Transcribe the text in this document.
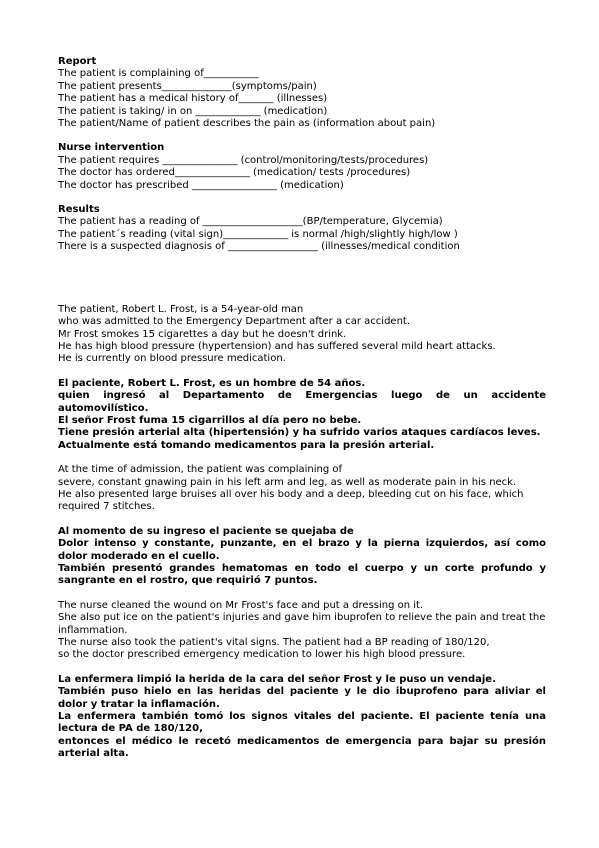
Report
The patient is complaining of___________
The patient presents______________(symptoms/pain)
The patient has a medical history of_______ (illnesses)
The patient is taking/ in on _____________ (medication)
The patient/Name of patient describes the pain as (information about pain)
Nurse intervention
The patient requires _______________ (control/monitoring/tests/procedures)
The doctor has ordered_______________ (medication/ tests /procedures)
The doctor has prescribed _________________ (medication)
Results
The patient has a reading of ____________________(BP/temperature, Glycemia)
The patient´s reading (vital sign)_____________ is normal /high/slightly high/low )
There is a suspected diagnosis of __________________ (illnesses/medical condition
The patient, Robert L. Frost, is a 54-year-old man
who was admitted to the Emergency Department after a car accident.
Mr Frost smokes 15 cigarettes a day but he doesn't drink.
He has high blood pressure (hypertension) and has suffered several mild heart attacks.
He is currently on blood pressure medication.
El paciente, Robert L. Frost, es un hombre de 54 años.
quien ingresó al Departamento de Emergencias luego de un accidente automovilístico.
El señor Frost fuma 15 cigarrillos al día pero no bebe.
Tiene presión arterial alta (hipertensión) y ha sufrido varios ataques cardíacos leves.
Actualmente está tomando medicamentos para la presión arterial.
At the time of admission, the patient was complaining of
severe, constant gnawing pain in his left arm and leg, as well as moderate pain in his neck.
He also presented large bruises all over his body and a deep, bleeding cut on his face, which required 7 stitches.
Al momento de su ingreso el paciente se quejaba de
Dolor intenso y constante, punzante, en el brazo y la pierna izquierdos, así como dolor moderado en el cuello.
También presentó grandes hematomas en todo el cuerpo y un corte profundo y sangrante en el rostro, que requirió 7 puntos.
The nurse cleaned the wound on Mr Frost's face and put a dressing on it.
She also put ice on the patient's injuries and gave him ibuprofen to relieve the pain and treat the inflammation.
The nurse also took the patient's vital signs. The patient had a BP reading of 180/120,
so the doctor prescribed emergency medication to lower his high blood pressure.
La enfermera limpió la herida de la cara del señor Frost y le puso un vendaje.
También puso hielo en las heridas del paciente y le dio ibuprofeno para aliviar el dolor y tratar la inflamación.
La enfermera también tomó los signos vitales del paciente. El paciente tenía una lectura de PA de 180/120,
entonces el médico le recetó medicamentos de emergencia para bajar su presión arterial alta.
